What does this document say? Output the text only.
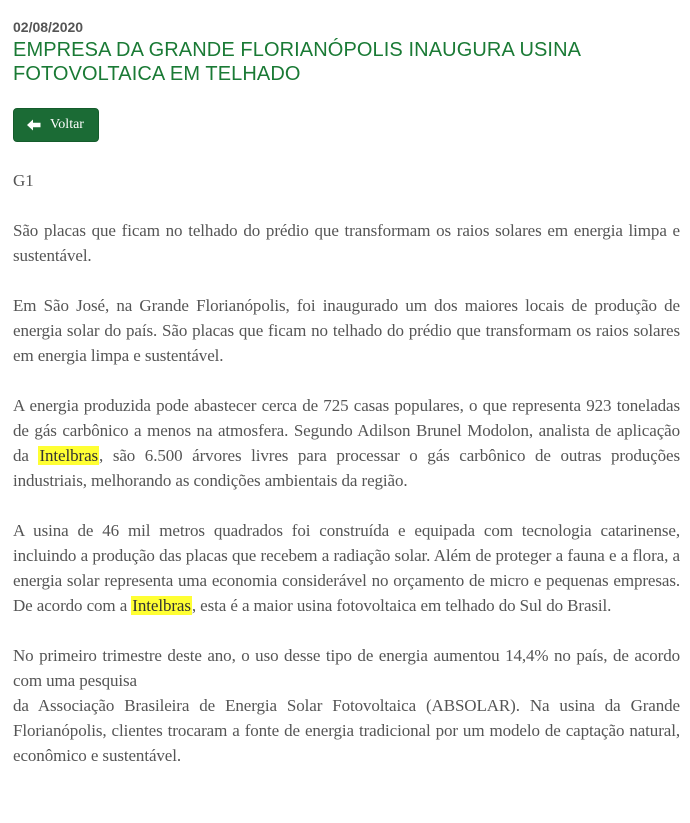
02/08/2020
EMPRESA DA GRANDE FLORIANÓPOLIS INAUGURA USINA
FOTOVOLTAICA EM TELHADO
Voltar
G1

São placas que ficam no telhado do prédio que transformam os raios solares em energia limpa e sustentável.

Em São José, na Grande Florianópolis, foi inaugurado um dos maiores locais de produção de energia solar do país. São placas que ficam no telhado do prédio que transformam os raios solares em energia limpa e sustentável.

A energia produzida pode abastecer cerca de 725 casas populares, o que representa 923 toneladas de gás carbônico a menos na atmosfera. Segundo Adilson Brunel Modolon, analista de aplicação da Intelbras, são 6.500 árvores livres para processar o gás carbônico de outras produções industriais, melhorando as condições ambientais da região.

A usina de 46 mil metros quadrados foi construída e equipada com tecnologia catarinense, incluindo a produção das placas que recebem a radiação solar. Além de proteger a fauna e a flora, a energia solar representa uma economia considerável no orçamento de micro e pequenas empresas. De acordo com a Intelbras, esta é a maior usina fotovoltaica em telhado do Sul do Brasil.

No primeiro trimestre deste ano, o uso desse tipo de energia aumentou 14,4% no país, de acordo com uma pesquisa
da Associação Brasileira de Energia Solar Fotovoltaica (ABSOLAR). Na usina da Grande Florianópolis, clientes trocaram a fonte de energia tradicional por um modelo de captação natural, econômico e sustentável.
